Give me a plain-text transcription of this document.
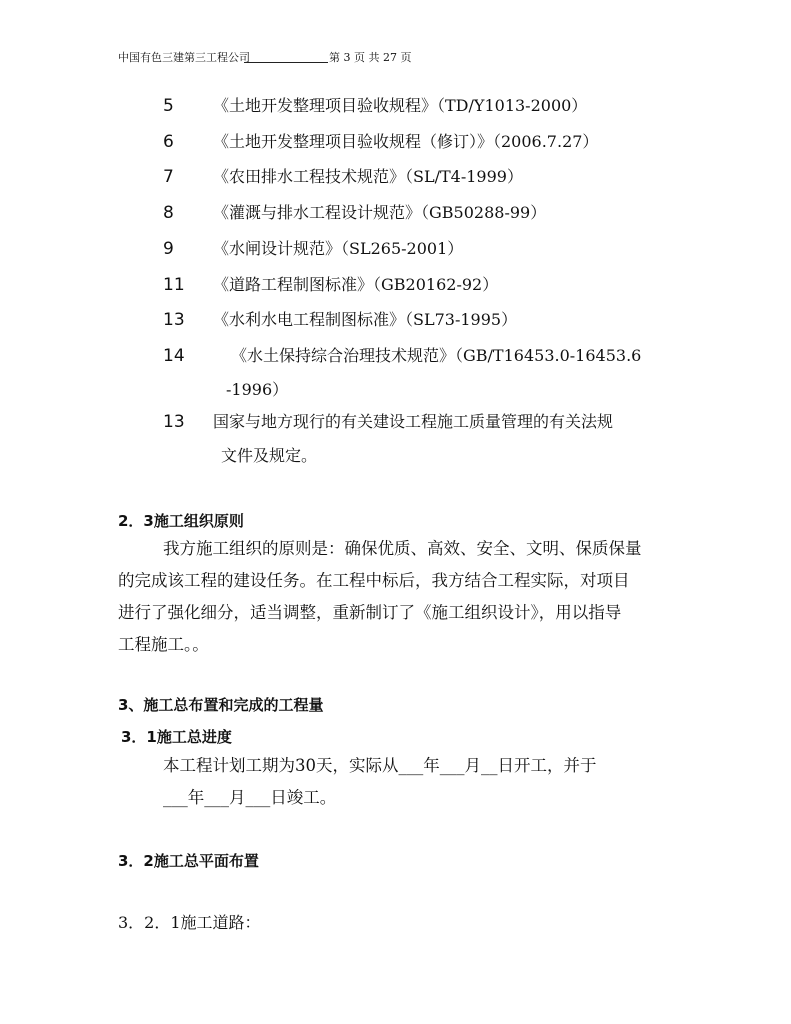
中国有色三建第三工程公司	第 3 页 共 27 页
5 《土地开发整理项目验收规程》（TD/Y1013-2000）
6 《土地开发整理项目验收规程（修订）》（2006.7.27）
7 《农田排水工程技术规范》（SL/T4-1999）
8 《灌溉与排水工程设计规范》（GB50288-99）
9 《水闸设计规范》（SL265-2001）
11 《道路工程制图标准》（GB20162-92）
13 《水利水电工程制图标准》（SL73-1995）
14	《水土保持综合治理技术规范》（GB/T16453.0-16453.6
-1996）
13 国家与地方现行的有关建设工程施工质量管理的有关法规
文件及规定。
2．3施工组织原则
我方施工组织的原则是：确保优质、高效、安全、文明、保质保量
的完成该工程的建设任务。在工程中标后，我方结合工程实际，对项目
进行了强化细分，适当调整，重新制订了《施工组织设计》，用以指导
工程施工。。
3、施工总布置和完成的工程量
3．1施工总进度
本工程计划工期为30天，实际从___年___月__日开工，并于
___年___月___日竣工。
3．2施工总平面布置
3．2．1施工道路：
